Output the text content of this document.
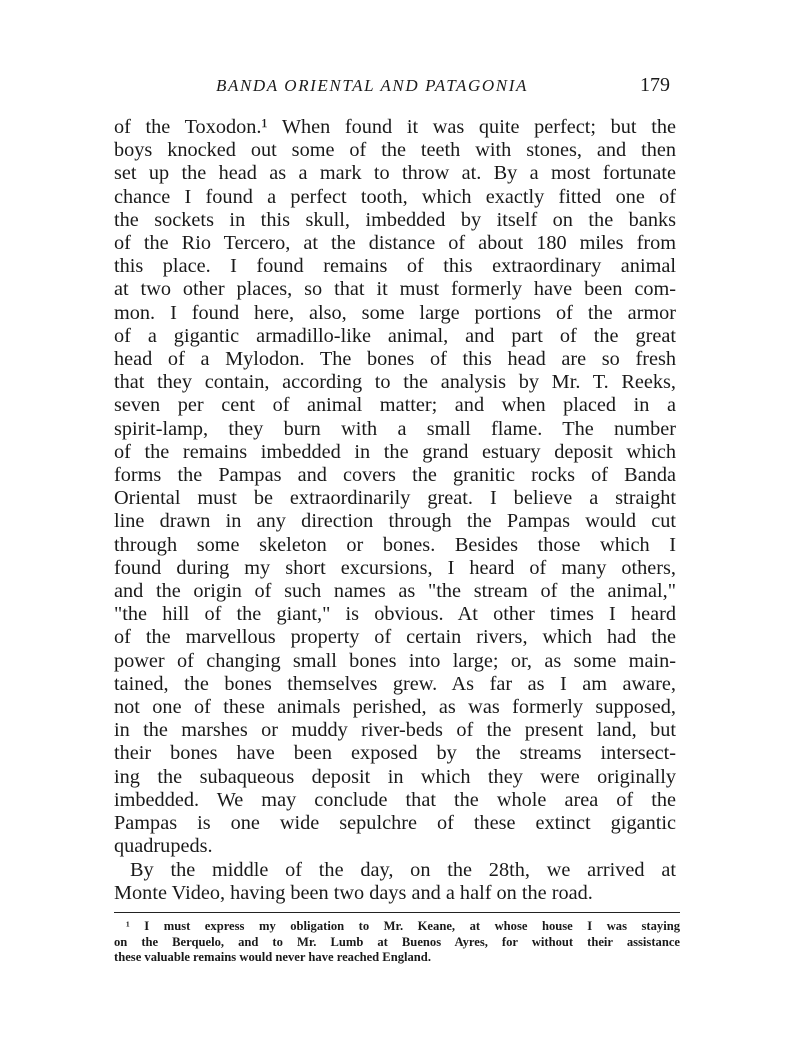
BANDA ORIENTAL AND PATAGONIA	179
of the Toxodon.¹ When found it was quite perfect; but the
boys knocked out some of the teeth with stones, and then
set up the head as a mark to throw at. By a most fortunate
chance I found a perfect tooth, which exactly fitted one of
the sockets in this skull, imbedded by itself on the banks
of the Rio Tercero, at the distance of about 180 miles from
this place. I found remains of this extraordinary animal
at two other places, so that it must formerly have been com-
mon. I found here, also, some large portions of the armor
of a gigantic armadillo-like animal, and part of the great
head of a Mylodon. The bones of this head are so fresh
that they contain, according to the analysis by Mr. T. Reeks,
seven per cent of animal matter; and when placed in a
spirit-lamp, they burn with a small flame. The number
of the remains imbedded in the grand estuary deposit which
forms the Pampas and covers the granitic rocks of Banda
Oriental must be extraordinarily great. I believe a straight
line drawn in any direction through the Pampas would cut
through some skeleton or bones. Besides those which I
found during my short excursions, I heard of many others,
and the origin of such names as "the stream of the animal,"
"the hill of the giant," is obvious. At other times I heard
of the marvellous property of certain rivers, which had the
power of changing small bones into large; or, as some main-
tained, the bones themselves grew. As far as I am aware,
not one of these animals perished, as was formerly supposed,
in the marshes or muddy river-beds of the present land, but
their bones have been exposed by the streams intersect-
ing the subaqueous deposit in which they were originally
imbedded. We may conclude that the whole area of the
Pampas is one wide sepulchre of these extinct gigantic
quadrupeds.
By the middle of the day, on the 28th, we arrived at
Monte Video, having been two days and a half on the road.
¹ I must express my obligation to Mr. Keane, at whose house I was staying
on the Berquelo, and to Mr. Lumb at Buenos Ayres, for without their assistance
these valuable remains would never have reached England.
